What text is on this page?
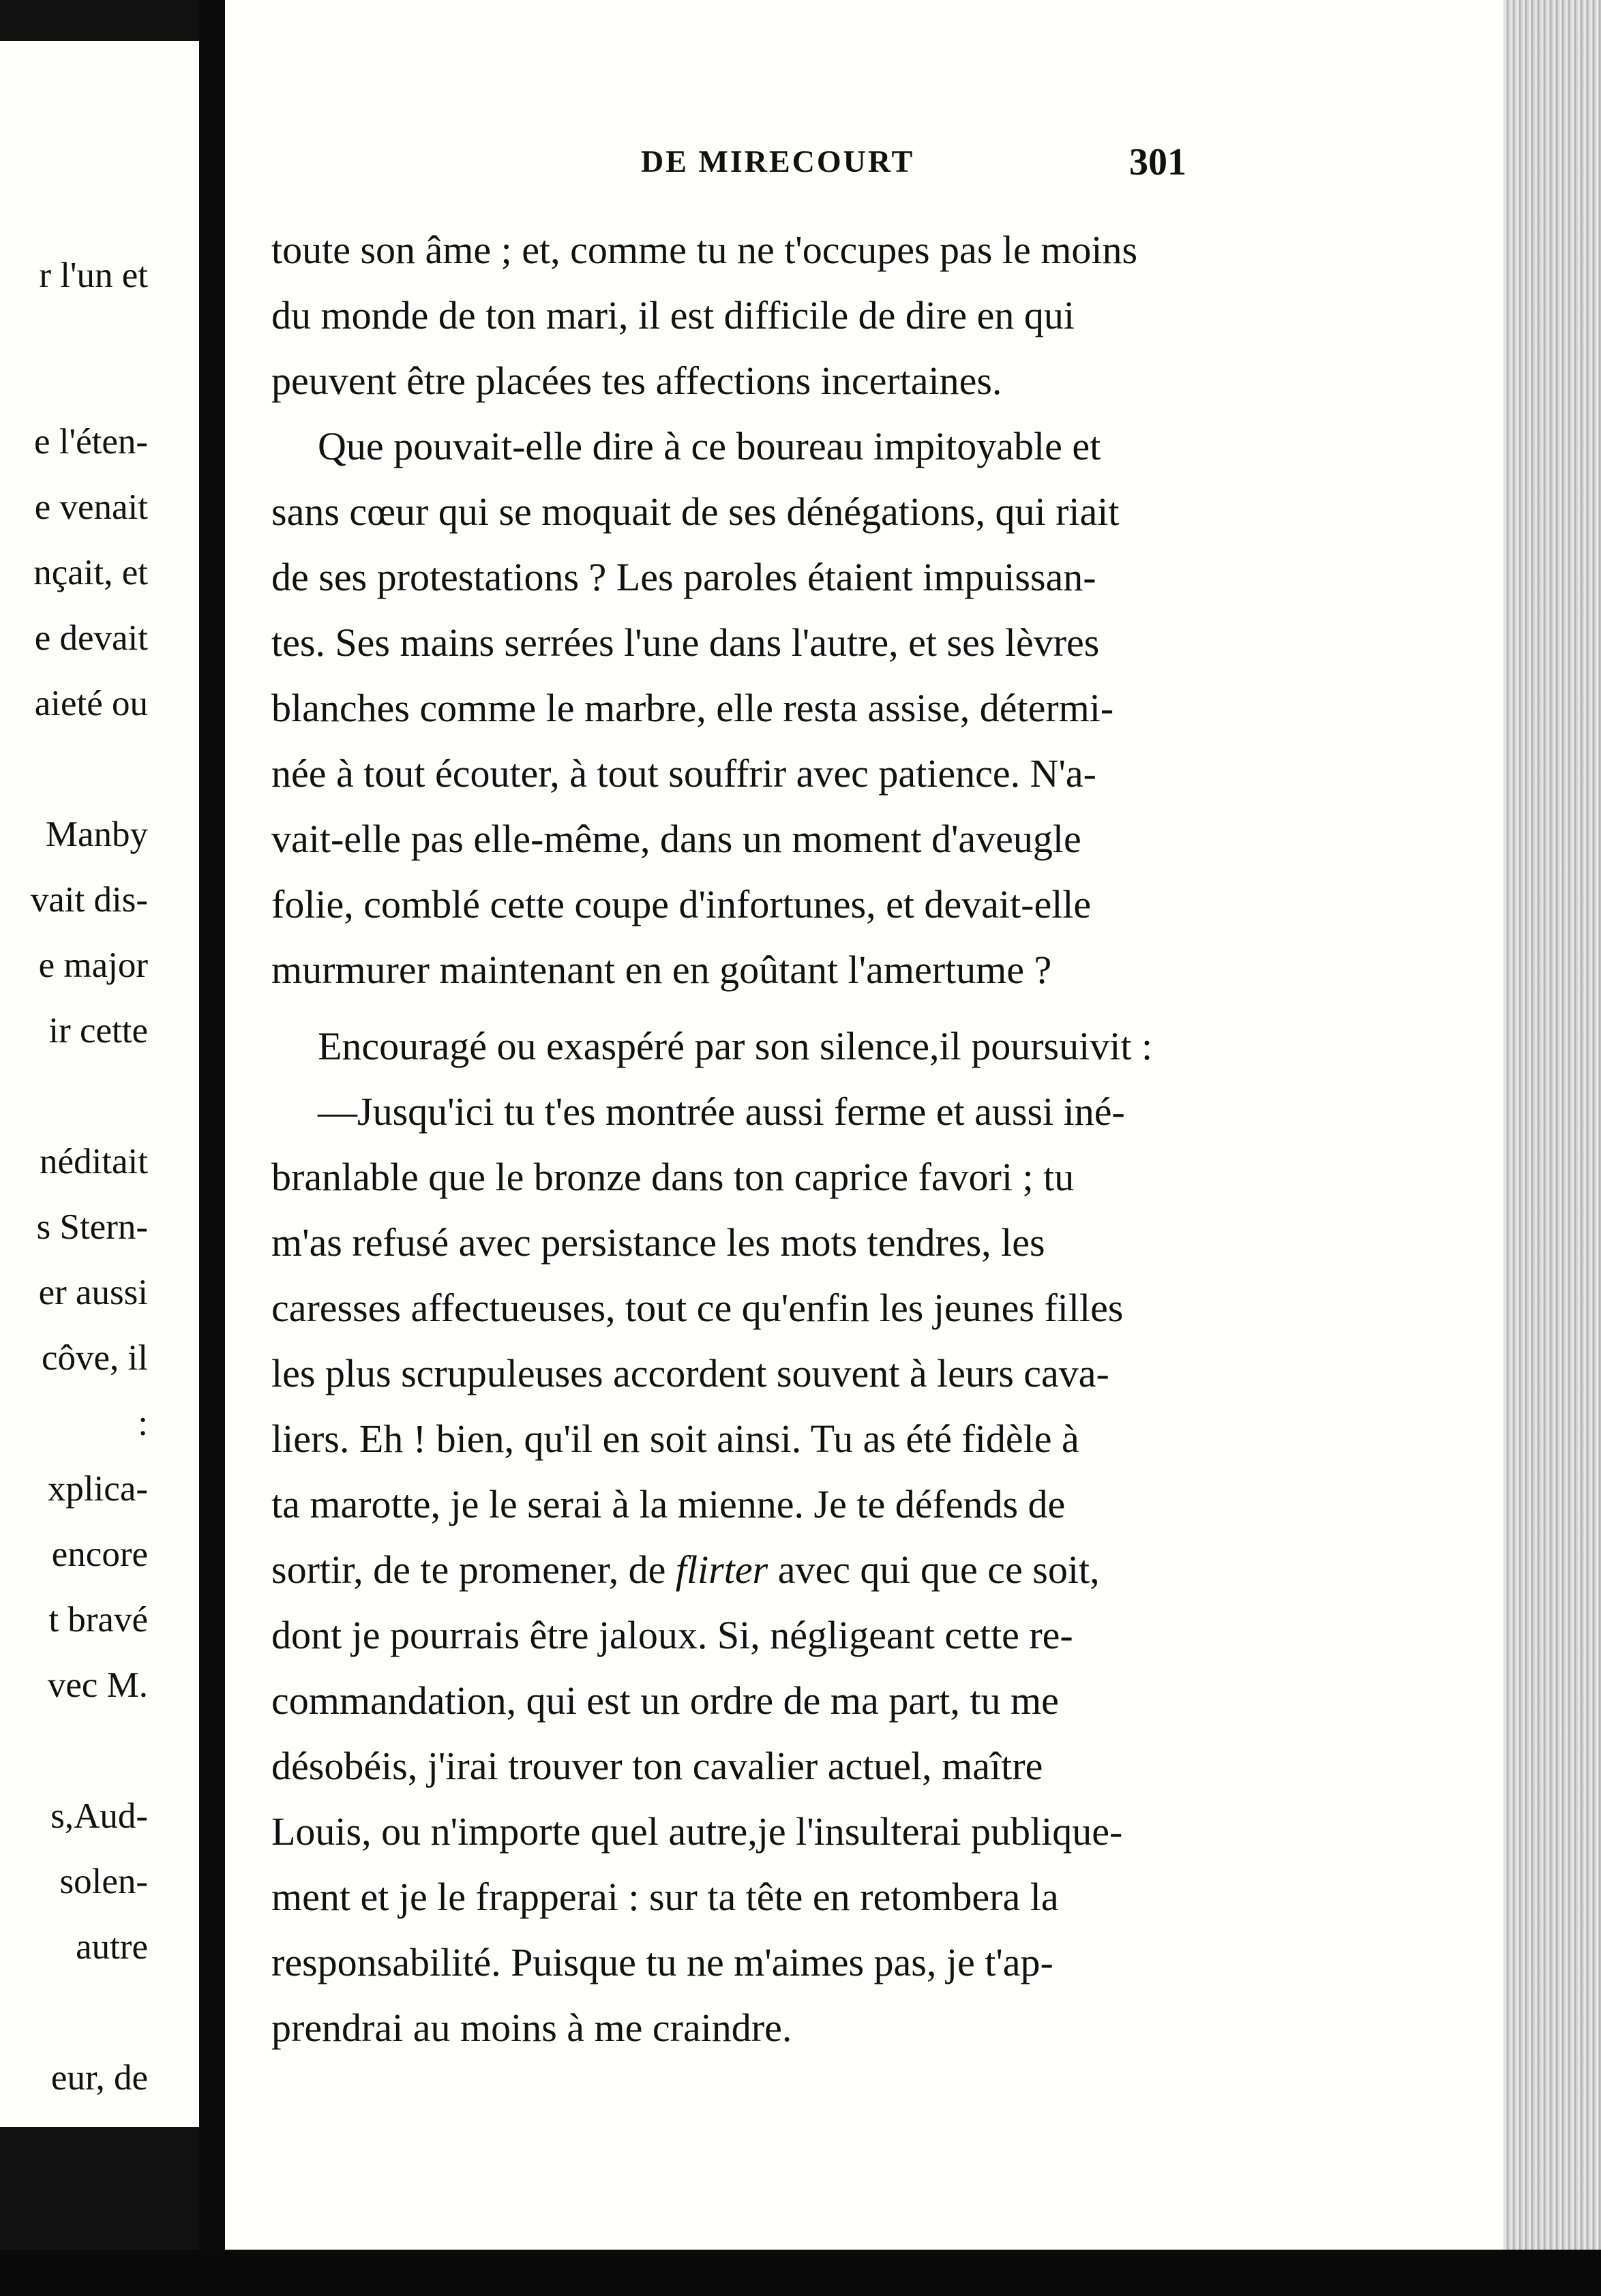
r l'un et
e l'éten-
e venait
nçait, et
e devait
aieté ou
Manby
vait dis-
e major
ir cette
néditait
s Stern-
er aussi
côve, il
:
xplica-
encore
t bravé
vec M.
s,Aud-
solen-
autre
eur, de
DE MIRECOURT	301
toute son âme ; et, comme tu ne t'occupes pas le moins
du monde de ton mari, il est difficile de dire en qui
peuvent être placées tes affections incertaines.
Que pouvait-elle dire à ce boureau impitoyable et
sans cœur qui se moquait de ses dénégations, qui riait
de ses protestations ? Les paroles étaient impuissan-
tes. Ses mains serrées l'une dans l'autre, et ses lèvres
blanches comme le marbre, elle resta assise, détermi-
née à tout écouter, à tout souffrir avec patience. N'a-
vait-elle pas elle-même, dans un moment d'aveugle
folie, comblé cette coupe d'infortunes, et devait-elle
murmurer maintenant en en goûtant l'amertume ?
Encouragé ou exaspéré par son silence,il poursuivit :
—Jusqu'ici tu t'es montrée aussi ferme et aussi iné-
branlable que le bronze dans ton caprice favori ; tu
m'as refusé avec persistance les mots tendres, les
caresses affectueuses, tout ce qu'enfin les jeunes filles
les plus scrupuleuses accordent souvent à leurs cava-
liers. Eh ! bien, qu'il en soit ainsi. Tu as été fidèle à
ta marotte, je le serai à la mienne. Je te défends de
sortir, de te promener, de flirter avec qui que ce soit,
dont je pourrais être jaloux. Si, négligeant cette re-
commandation, qui est un ordre de ma part, tu me
désobéis, j'irai trouver ton cavalier actuel, maître
Louis, ou n'importe quel autre,je l'insulterai publique-
ment et je le frapperai : sur ta tête en retombera la
responsabilité. Puisque tu ne m'aimes pas, je t'ap-
prendrai au moins à me craindre.
